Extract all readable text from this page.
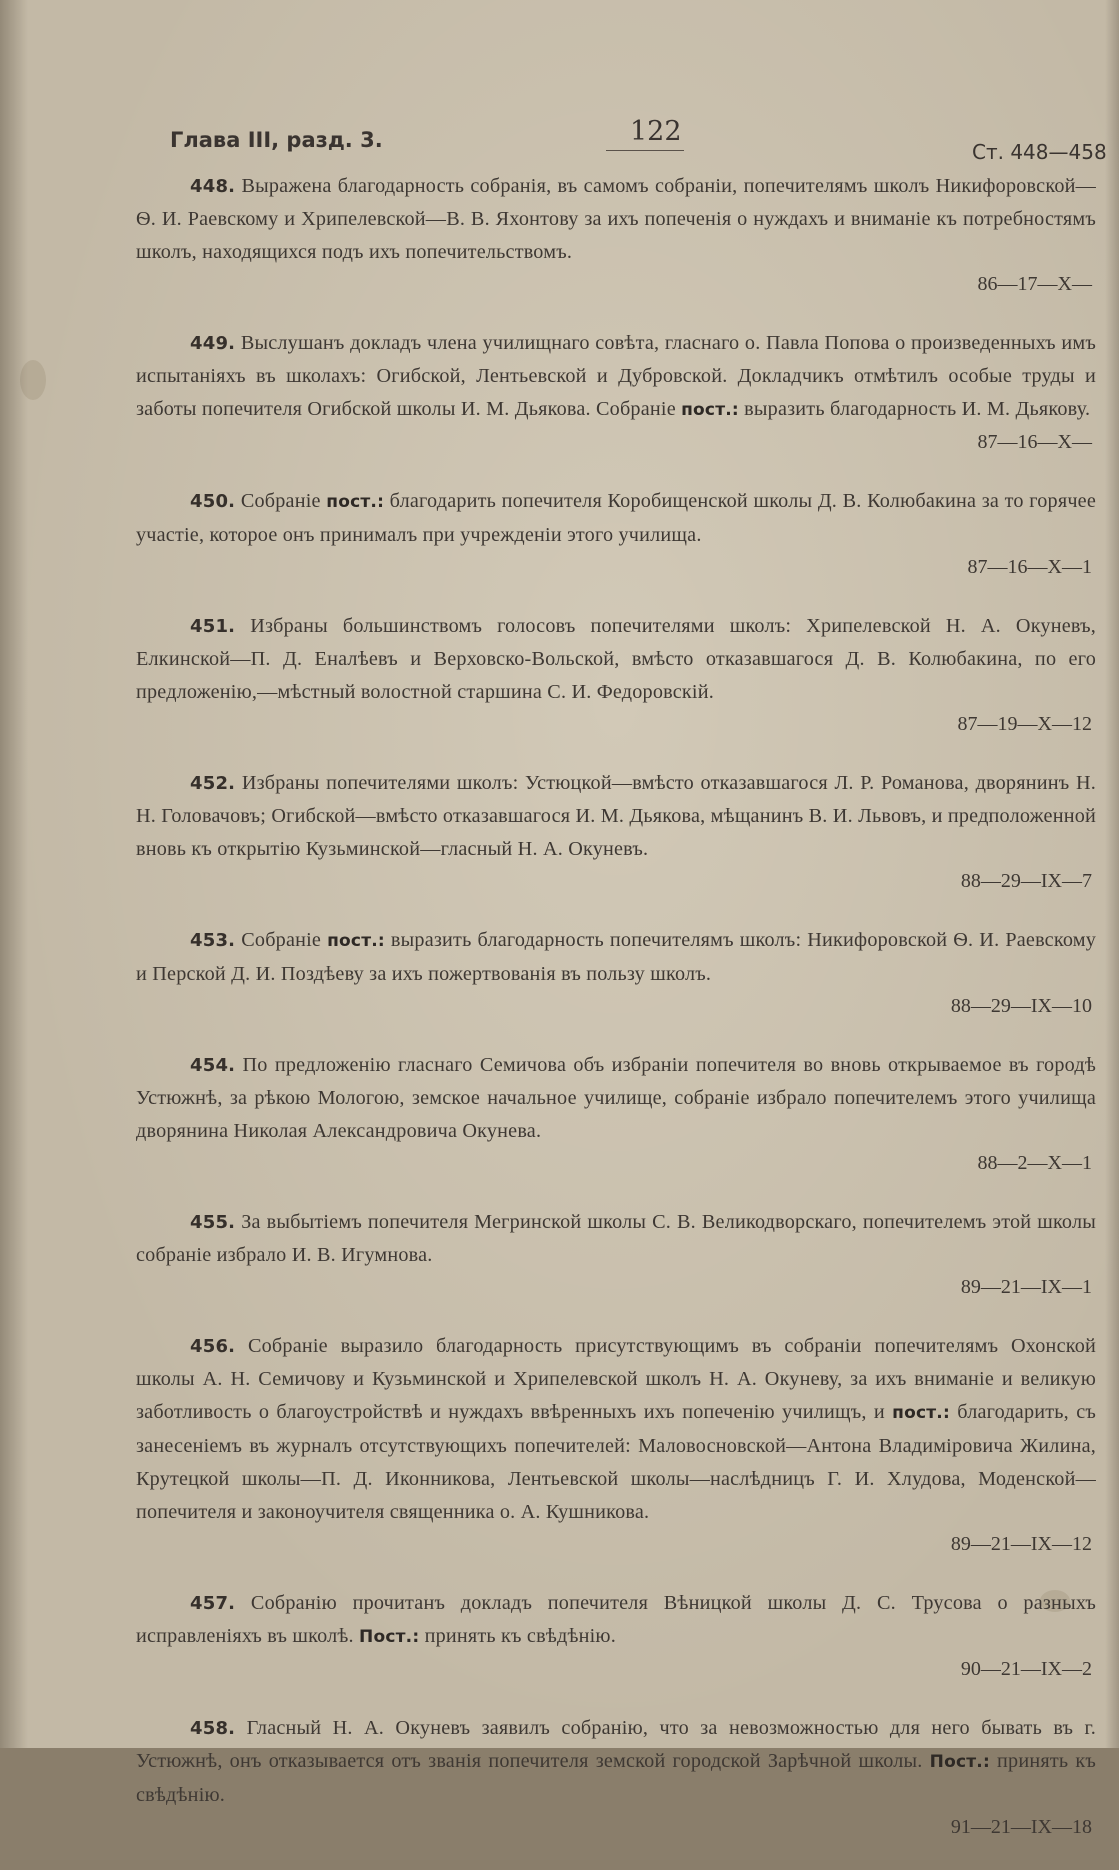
Глава III, разд. 3.	122
Ст. 448—458

448. Выражена благодарность собранія, въ самомъ собраніи, попечителямъ школъ Никифоровской—Ѳ. И. Раевскому и Хрипелевской—В. В. Яхонтову за ихъ попеченія о нуждахъ и вниманіе къ потребностямъ школъ, находящихся подъ ихъ попечительствомъ.

86—17—X—

449. Выслушанъ докладъ члена училищнаго совѣта, гласнаго о. Павла Попова о произведенныхъ имъ испытаніяхъ въ школахъ: Огибской, Лентьевской и Дубровской. Докладчикъ отмѣтилъ особые труды и заботы попечителя Огибской школы И. М. Дьякова. Собраніе пост.: выразить благодарность И. М. Дьякову.

87—16—X—

450. Собраніе пост.: благодарить попечителя Коробищенской школы Д. В. Колюбакина за то горячее участіе, которое онъ принималъ при учрежденіи этого училища.

87—16—X—1

451. Избраны большинствомъ голосовъ попечителями школъ: Хрипелевской Н. А. Окуневъ, Елкинской—П. Д. Еналѣевъ и Верховско-Вольской, вмѣсто отказавшагося Д. В. Колюбакина, по его предложенію,—мѣстный волостной старшина С. И. Федоровскій.

87—19—X—12

452. Избраны попечителями школъ: Устюцкой—вмѣсто отказавшагося Л. Р. Романова, дворянинъ Н. Н. Головачовъ; Огибской—вмѣсто отказавшагося И. М. Дьякова, мѣщанинъ В. И. Львовъ, и предположенной вновь къ открытію Кузьминской—гласный Н. А. Окуневъ.

88—29—IX—7

453. Собраніе пост.: выразить благодарность попечителямъ школъ: Никифоровской Ѳ. И. Раевскому и Перской Д. И. Поздѣеву за ихъ пожертвованія въ пользу школъ.

88—29—IX—10

454. По предложенію гласнаго Семичова объ избраніи попечителя во вновь открываемое въ городѣ Устюжнѣ, за рѣкою Мологою, земское начальное училище, собраніе избрало попечителемъ этого училища дворянина Николая Александровича Окунева.

88—2—X—1

455. За выбытіемъ попечителя Мегринской школы С. В. Великодворскаго, попечителемъ этой школы собраніе избрало И. В. Игумнова.

89—21—IX—1

456. Собраніе выразило благодарность присутствующимъ въ собраніи попечителямъ Охонской школы А. Н. Семичову и Кузьминской и Хрипелевской школъ Н. А. Окуневу, за ихъ вниманіе и великую заботливость о благоустройствѣ и нуждахъ ввѣренныхъ ихъ попеченію училищъ, и пост.: благодарить, съ занесеніемъ въ журналъ отсутствующихъ попечителей: Маловосновской—Антона Владиміровича Жилина, Крутецкой школы—П. Д. Иконникова, Лентьевской школы—наслѣдницъ Г. И. Хлудова, Моденской—попечителя и законоучителя священника о. А. Кушникова.

89—21—IX—12

457. Собранію прочитанъ докладъ попечителя Вѣницкой школы Д. С. Трусова о разныхъ исправленіяхъ въ школѣ. Пост.: принять къ свѣдѣнію.

90—21—IX—2

458. Гласный Н. А. Окуневъ заявилъ собранію, что за невозможностью для него бывать въ г. Устюжнѣ, онъ отказывается отъ званія попечителя земской городской Зарѣчной школы. Пост.: принять къ свѣдѣнію.

91—21—IX—18
